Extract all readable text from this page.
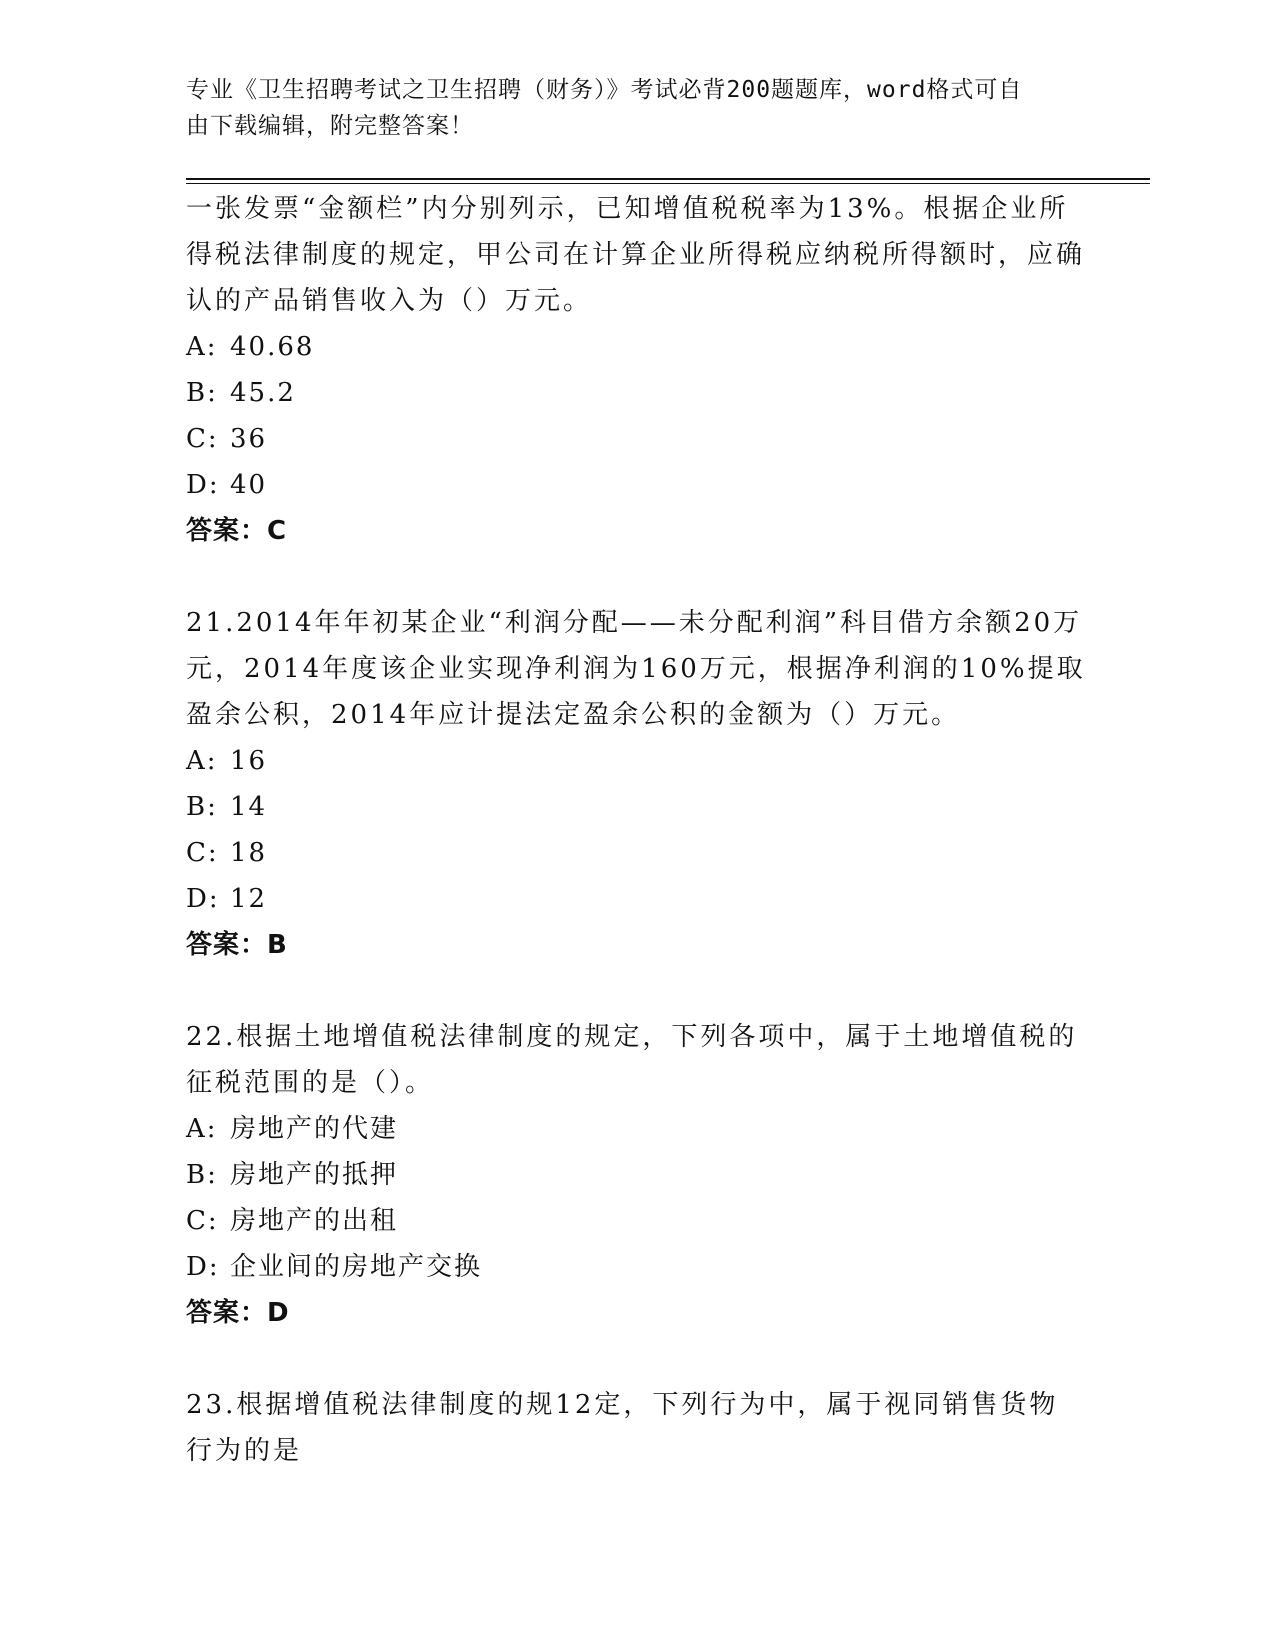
专业《卫生招聘考试之卫生招聘（财务）》考试必背200题题库，word格式可自
由下载编辑，附完整答案！

一张发票“金额栏”内分别列示，已知增值税税率为13%。根据企业所得税法律制度的规定，甲公司在计算企业所得税应纳税所得额时，应确认的产品销售收入为（）万元。

A: 40.68

B: 45.2

C: 36

D: 40

答案：C

21.2014年年初某企业“利润分配——未分配利润”科目借方余额20万元，2014年度该企业实现净利润为160万元，根据净利润的10%提取盈余公积，2014年应计提法定盈余公积的金额为（）万元。

A: 16

B: 14

C: 18

D: 12

答案：B

22.根据土地增值税法律制度的规定，下列各项中，属于土地增值税的征税范围的是（）。

A: 房地产的代建

B: 房地产的抵押

C: 房地产的出租

D: 企业间的房地产交换

答案：D

23.根据增值税法律制度的规12定，下列行为中，属于视同销售货物行为的是
